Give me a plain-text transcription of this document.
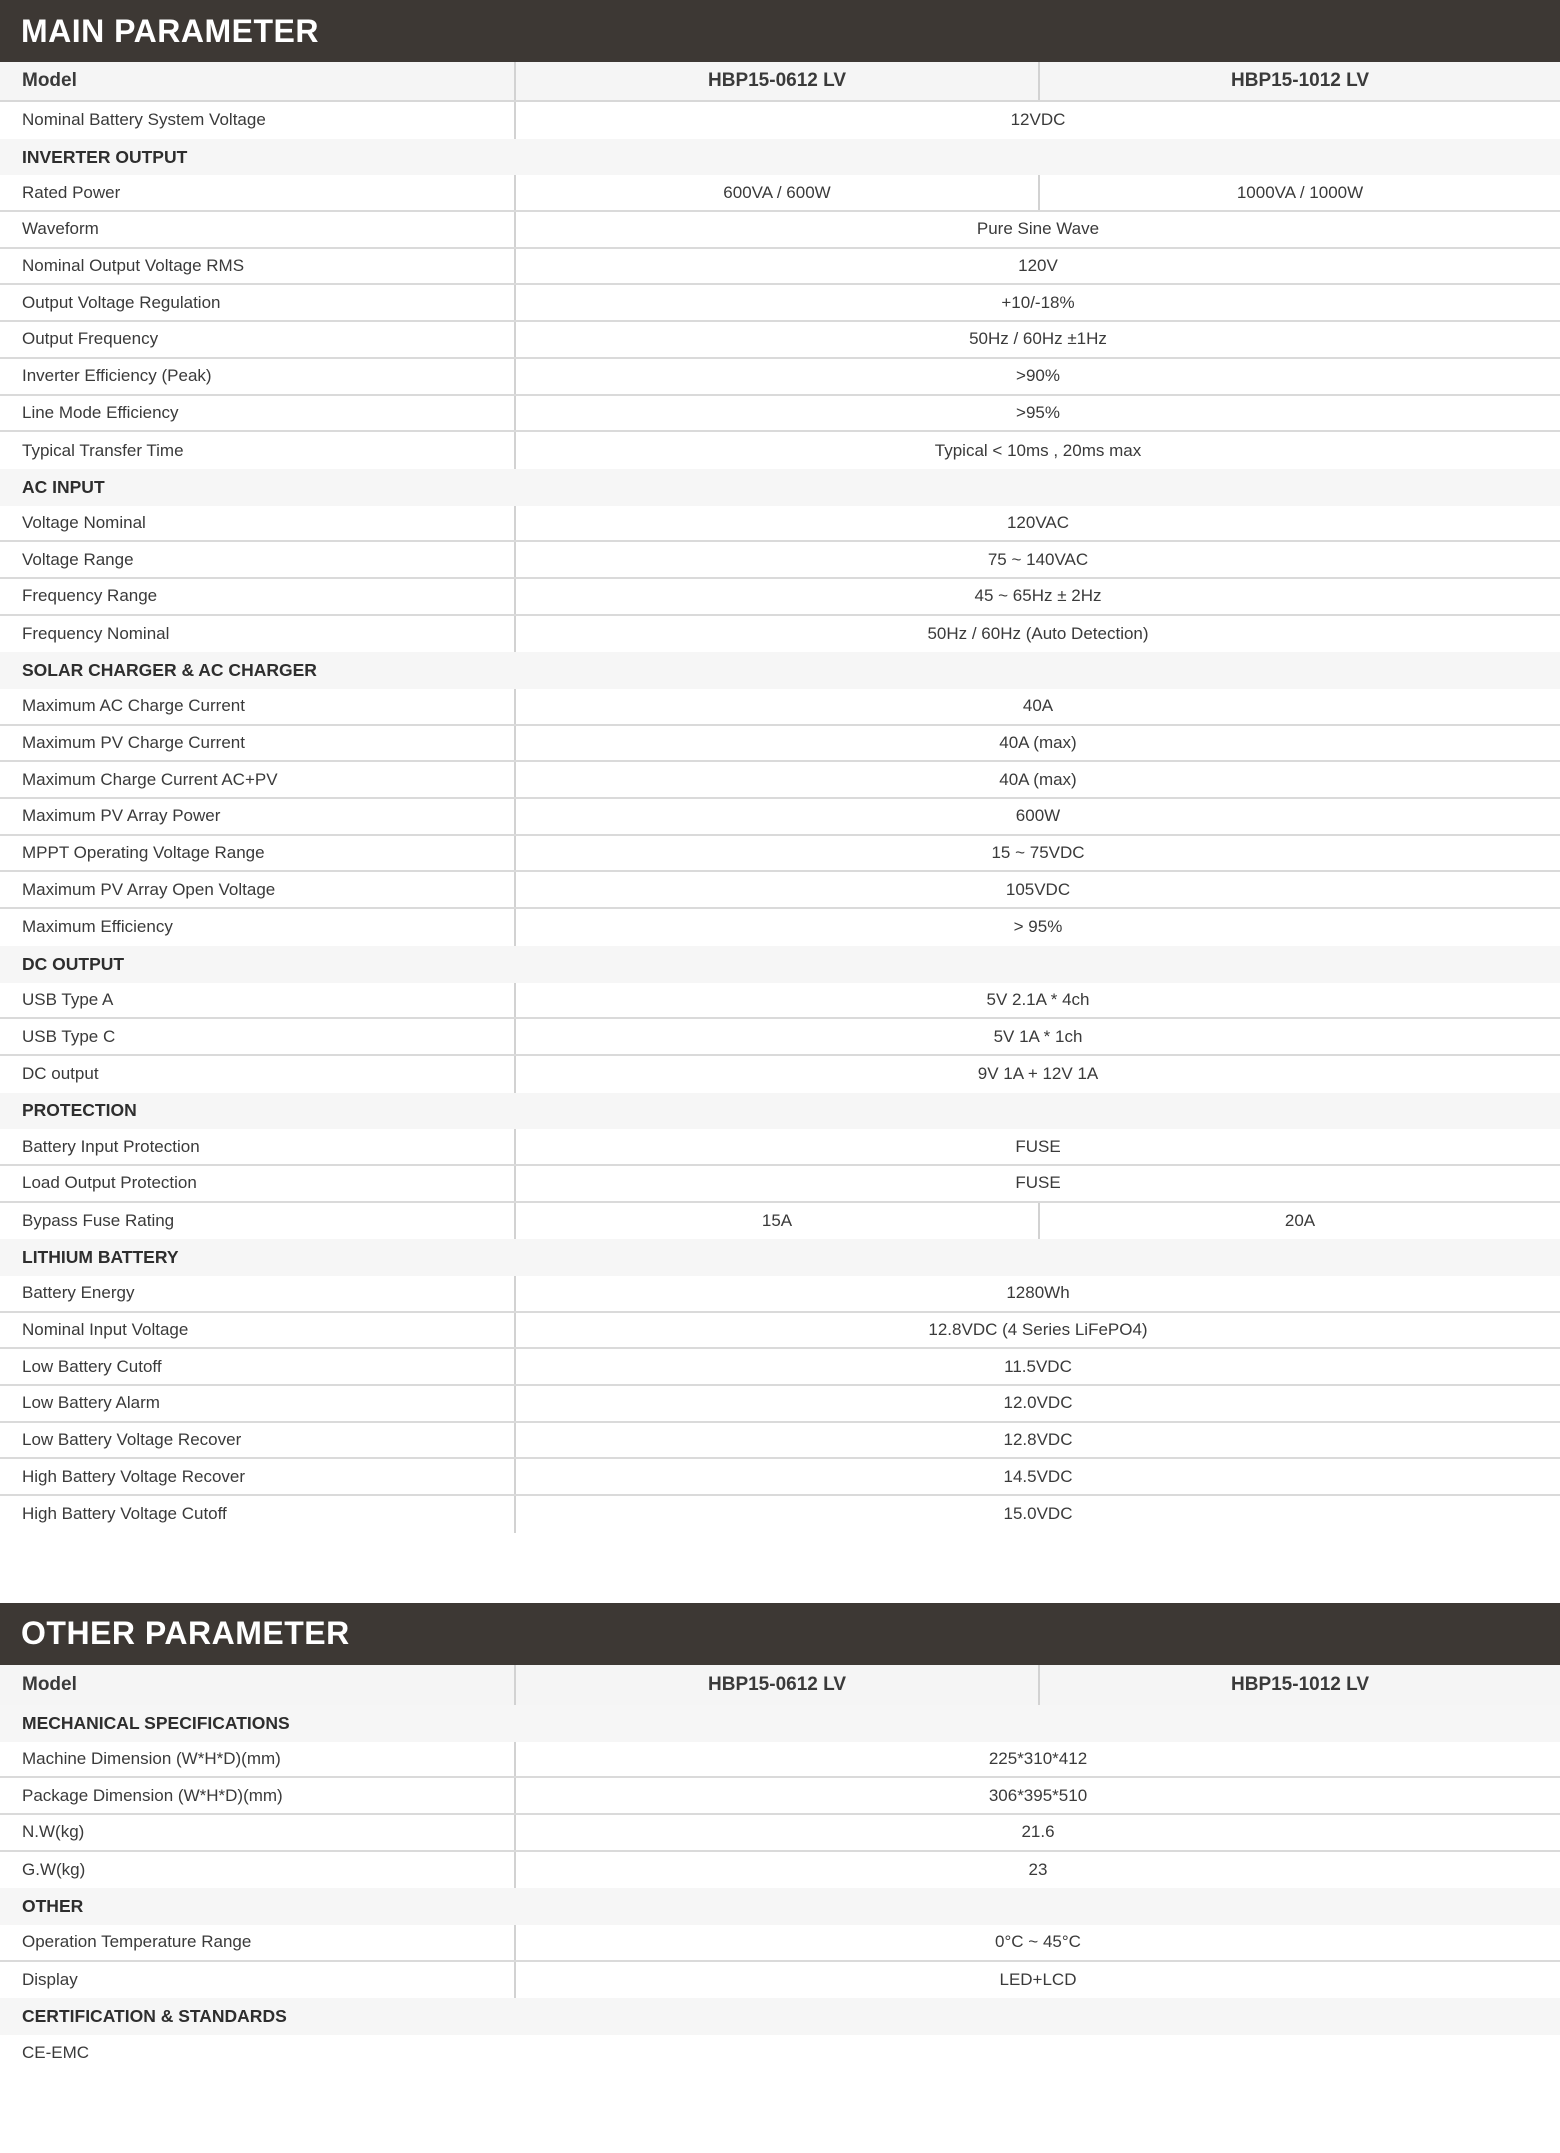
MAIN PARAMETER
Model	HBP15-0612 LV	HBP15-1012 LV
Nominal Battery System Voltage	12VDC
INVERTER OUTPUT
Rated Power	600VA / 600W	1000VA / 1000W
Waveform	Pure Sine Wave
Nominal Output Voltage RMS	120V
Output Voltage Regulation	+10/-18%
Output Frequency	50Hz / 60Hz ±1Hz
Inverter Efficiency (Peak)	>90%
Line Mode Efficiency	>95%
Typical Transfer Time	Typical < 10ms , 20ms max
AC INPUT
Voltage Nominal	120VAC
Voltage Range	75 ~ 140VAC
Frequency Range	45 ~ 65Hz ± 2Hz
Frequency Nominal	50Hz / 60Hz (Auto Detection)
SOLAR CHARGER & AC CHARGER
Maximum AC Charge Current	40A
Maximum PV Charge Current	40A (max)
Maximum Charge Current AC+PV	40A (max)
Maximum PV Array Power	600W
MPPT Operating Voltage Range	15 ~ 75VDC
Maximum PV Array Open Voltage	105VDC
Maximum Efficiency	> 95%
DC OUTPUT
USB Type A	5V 2.1A * 4ch
USB Type C	5V 1A * 1ch
DC output	9V 1A + 12V 1A
PROTECTION
Battery Input Protection	FUSE
Load Output Protection	FUSE
Bypass Fuse Rating	15A	20A
LITHIUM BATTERY
Battery Energy	1280Wh
Nominal Input Voltage	12.8VDC (4 Series LiFePO4)
Low Battery Cutoff	11.5VDC
Low Battery Alarm	12.0VDC
Low Battery Voltage Recover	12.8VDC
High Battery Voltage Recover	14.5VDC
High Battery Voltage Cutoff	15.0VDC
OTHER PARAMETER
Model	HBP15-0612 LV	HBP15-1012 LV
MECHANICAL SPECIFICATIONS
Machine Dimension (W*H*D)(mm)	225*310*412
Package Dimension (W*H*D)(mm)	306*395*510
N.W(kg)	21.6
G.W(kg)	23
OTHER
Operation Temperature Range	0°C ~ 45°C
Display	LED+LCD
CERTIFICATION & STANDARDS
CE-EMC
